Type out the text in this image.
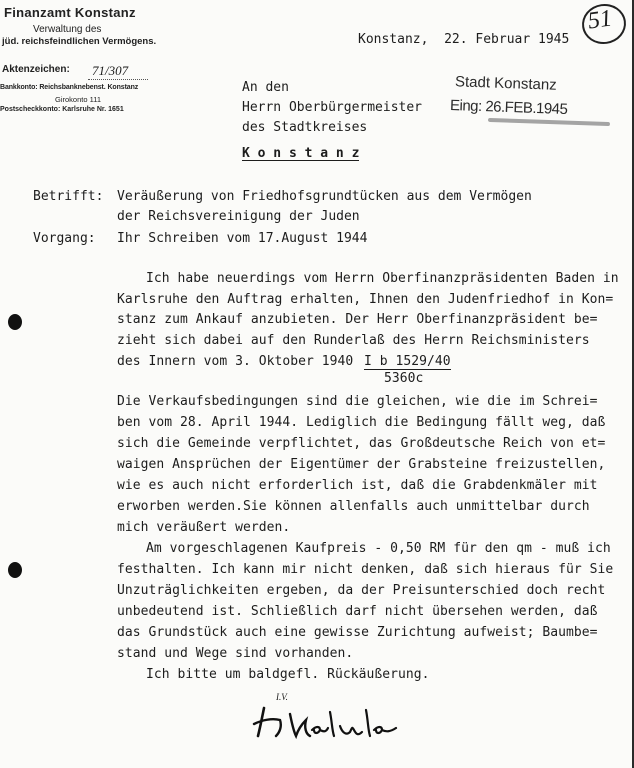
Finanzamt Konstanz
Verwaltung des
jüd. reichsfeindlichen Vermögens.
Aktenzeichen:	71/307
Bankkonto: Reichsbanknebenst. Konstanz
Girokonto 111
Postscheckkonto: Karlsruhe Nr. 1651
Konstanz,  22. Februar 1945
51
An den
Herrn Oberbürgermeister
des Stadtkreises
K o n s t a n z
Stadt Konstanz
Eing: 26.FEB.1945
Betrifft: Veräußerung von Friedhofsgrundtücken aus dem Vermögen
der Reichsvereinigung der Juden
Vorgang: Ihr Schreiben vom 17.August 1944
Ich habe neuerdings vom Herrn Oberfinanzpräsidenten Baden in
Karlsruhe den Auftrag erhalten, Ihnen den Judenfriedhof in Kon=
stanz zum Ankauf anzubieten. Der Herr Oberfinanzpräsident be=
zieht sich dabei auf den Runderlaß des Herrn Reichsministers
des Innern vom 3. Oktober 1940 I b 1529/40
5360c
Die Verkaufsbedingungen sind die gleichen, wie die im Schrei=
ben vom 28. April 1944. Lediglich die Bedingung fällt weg, daß
sich die Gemeinde verpflichtet, das Großdeutsche Reich von et=
waigen Ansprüchen der Eigentümer der Grabsteine freizustellen,
wie es auch nicht erforderlich ist, daß die Grabdenkmäler mit
erworben werden.Sie können allenfalls auch unmittelbar durch
mich veräußert werden.
Am vorgeschlagenen Kaufpreis - 0,50 RM für den qm - muß ich
festhalten. Ich kann mir nicht denken, daß sich hieraus für Sie
Unzuträglichkeiten ergeben, da der Preisunterschied doch recht
unbedeutend ist. Schließlich darf nicht übersehen werden, daß
das Grundstück auch eine gewisse Zurichtung aufweist; Baumbe=
stand und Wege sind vorhanden.
Ich bitte um baldgefl. Rückäußerung.
I.V.
